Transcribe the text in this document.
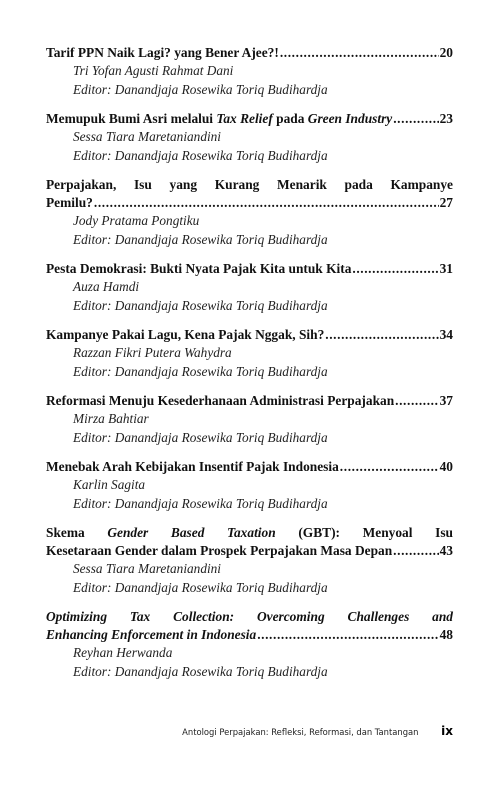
Tarif PPN Naik Lagi? yang Bener Ajee?! .....	20
Tri Yofan Agusti Rahmat Dani
Editor: Danandjaja Rosewika Toriq Budihardja
Memupuk Bumi Asri melalui Tax Relief pada Green Industry .....	23
Sessa Tiara Maretaniandini
Editor: Danandjaja Rosewika Toriq Budihardja
Perpajakan, Isu yang Kurang Menarik pada Kampanye
Pemilu? .....	27
Jody Pratama Pongtiku
Editor: Danandjaja Rosewika Toriq Budihardja
Pesta Demokrasi: Bukti Nyata Pajak Kita untuk Kita .....	31
Auza Hamdi
Editor: Danandjaja Rosewika Toriq Budihardja
Kampanye Pakai Lagu, Kena Pajak Nggak, Sih? .....	34
Razzan Fikri Putera Wahydra
Editor: Danandjaja Rosewika Toriq Budihardja
Reformasi Menuju Kesederhanaan Administrasi Perpajakan .....	37
Mirza Bahtiar
Editor: Danandjaja Rosewika Toriq Budihardja
Menebak Arah Kebijakan Insentif Pajak Indonesia .....	40
Karlin Sagita
Editor: Danandjaja Rosewika Toriq Budihardja
Skema Gender Based Taxation (GBT): Menyoal Isu
Kesetaraan Gender dalam Prospek Perpajakan Masa Depan .....	43
Sessa Tiara Maretaniandini
Editor: Danandjaja Rosewika Toriq Budihardja
Optimizing Tax Collection: Overcoming Challenges and
Enhancing Enforcement in Indonesia .....	48
Reyhan Herwanda
Editor: Danandjaja Rosewika Toriq Budihardja
Antologi Perpajakan: Refleksi, Reformasi, dan Tantangan ix
